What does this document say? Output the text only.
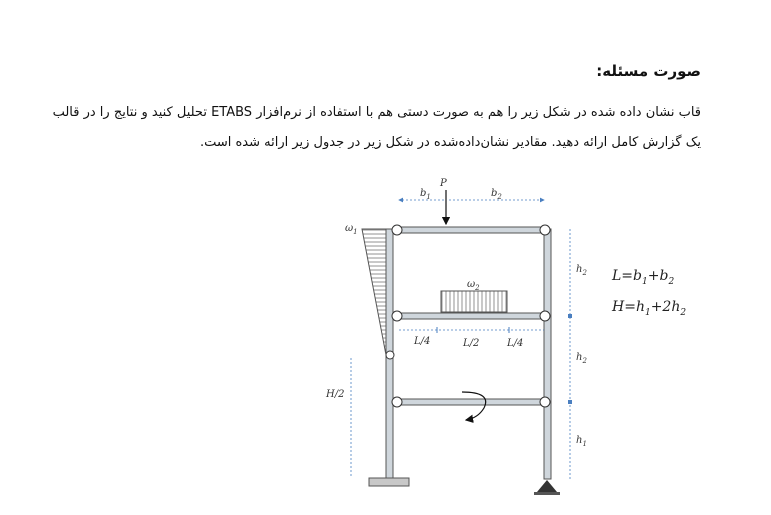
صورت مسئله:
قاب نشان داده شده در شکل زیر را هم به صورت دستی هم با استفاده از نرم‌افزار ETABS تحلیل کنید و نتایج را در قالب
یک گزارش کامل ارائه دهید. مقادیر نشان‌داده‌شده در شکل زیر در جدول زیر ارائه شده است.
$\omega_1$
$\omega_2$
P
$b_1$	$b_2$
L/4	L/2	L/4
$h_2$
$h_2$
$h_1$
H/2
$L=b_1+b_2$
$H=h_1+2h_2$
